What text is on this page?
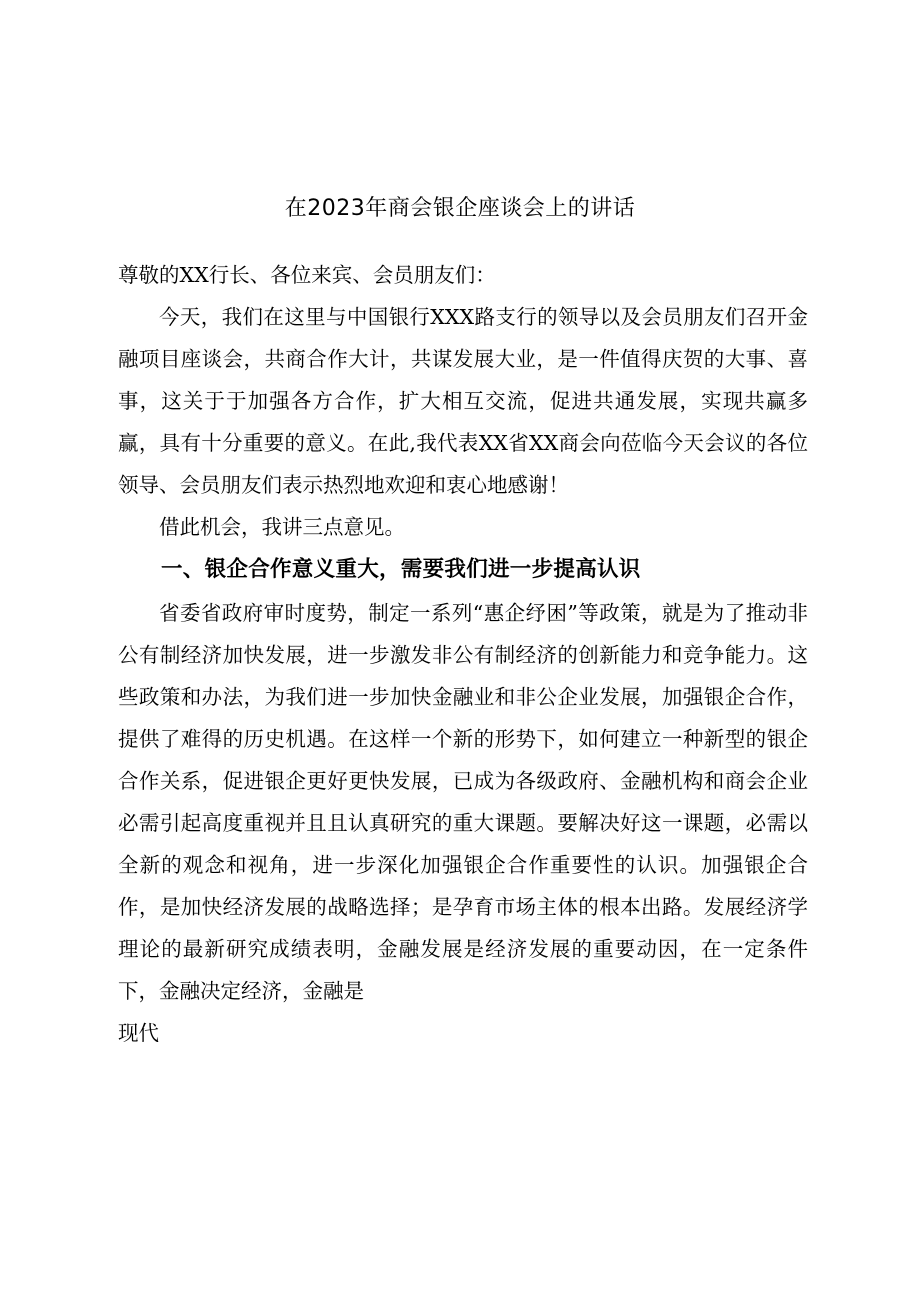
在2023年商会银企座谈会上的讲话

尊敬的XX行长、各位来宾、会员朋友们：

今天，我们在这里与中国银行XXX路支行的领导以及会员朋友们召开金融项目座谈会，共商合作大计，共谋发展大业，是一件值得庆贺的大事、喜事，这关于于加强各方合作，扩大相互交流，促进共通发展，实现共赢多赢，具有十分重要的意义。在此,我代表XX省XX商会向莅临今天会议的各位领导、会员朋友们表示热烈地欢迎和衷心地感谢！

借此机会，我讲三点意见。

一、银企合作意义重大，需要我们进一步提高认识

省委省政府审时度势，制定一系列“惠企纾困”等政策，就是为了推动非公有制经济加快发展，进一步激发非公有制经济的创新能力和竞争能力。这些政策和办法，为我们进一步加快金融业和非公企业发展，加强银企合作，提供了难得的历史机遇。在这样一个新的形势下，如何建立一种新型的银企合作关系，促进银企更好更快发展，已成为各级政府、金融机构和商会企业必需引起高度重视并且且认真研究的重大课题。要解决好这一课题，必需以全新的观念和视角，进一步深化加强银企合作重要性的认识。加强银企合作，是加快经济发展的战略选择；是孕育市场主体的根本出路。发展经济学理论的最新研究成绩表明，金融发展是经济发展的重要动因，在一定条件下，金融决定经济，金融是

现代
